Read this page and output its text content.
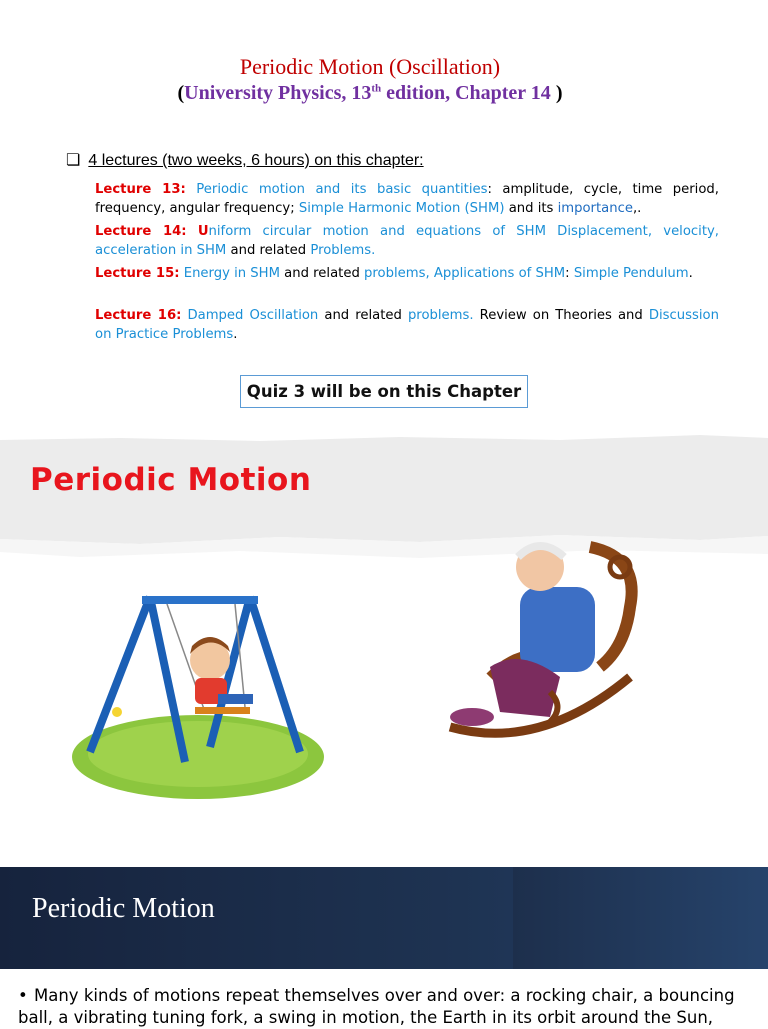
Periodic Motion (Oscillation)
(University Physics, 13th edition, Chapter 14 )
❏ 4 lectures (two weeks, 6 hours) on this chapter:
Lecture 13: Periodic motion and its basic quantities: amplitude, cycle, time period, frequency, angular frequency; Simple Harmonic Motion (SHM) and its importance,.
Lecture 14: Uniform circular motion and equations of SHM Displacement, velocity, acceleration in SHM and related Problems.
Lecture 15: Energy in SHM and related problems, Applications of SHM: Simple Pendulum.
Lecture 16: Damped Oscillation and related problems. Review on Theories and Discussion on Practice Problems.
Quiz 3 will be on this Chapter
Periodic Motion
Periodic Motion
• Many kinds of motions repeat themselves over and over: a rocking chair, a bouncing ball, a vibrating tuning fork, a swing in motion, the Earth in its orbit around the Sun,
